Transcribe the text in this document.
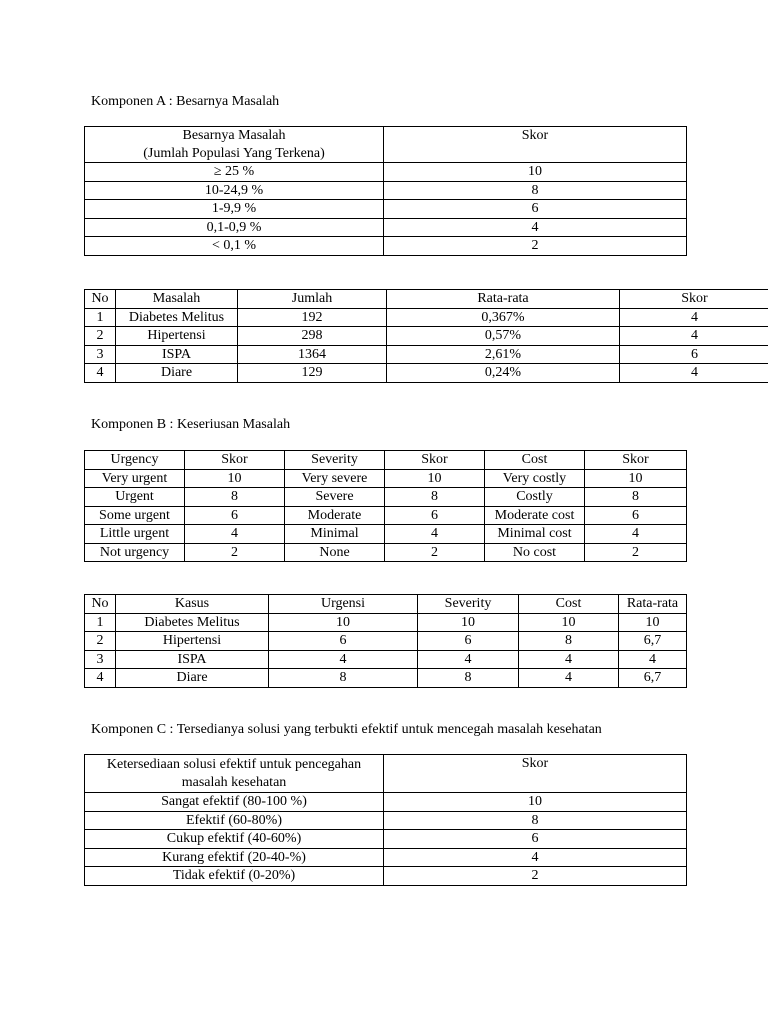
Komponen A : Besarnya Masalah
Besarnya Masalah
(Jumlah Populasi Yang Terkena)	Skor
≥ 25 %	10
10-24,9 %	8
1-9,9 %	6
0,1-0,9 %	4
< 0,1 %	2
No	Masalah	Jumlah	Rata-rata	Skor
1	Diabetes Melitus	192	0,367%	4
2	Hipertensi	298	0,57%	4
3	ISPA	1364	2,61%	6
4	Diare	129	0,24%	4
Komponen B : Keseriusan Masalah
Urgency	Skor	Severity	Skor	Cost	Skor
Very urgent	10	Very severe	10	Very costly	10
Urgent	8	Severe	8	Costly	8
Some urgent	6	Moderate	6	Moderate cost	6
Little urgent	4	Minimal	4	Minimal cost	4
Not urgency	2	None	2	No cost	2
No	Kasus	Urgensi	Severity	Cost	Rata-rata
1	Diabetes Melitus	10	10	10	10
2	Hipertensi	6	6	8	6,7
3	ISPA	4	4	4	4
4	Diare	8	8	4	6,7
Komponen C : Tersedianya solusi yang terbukti efektif untuk mencegah masalah kesehatan
Ketersediaan solusi efektif untuk pencegahan masalah kesehatan	Skor
Sangat efektif (80-100 %)	10
Efektif (60-80%)	8
Cukup efektif (40-60%)	6
Kurang efektif (20-40-%)	4
Tidak efektif (0-20%)	2
